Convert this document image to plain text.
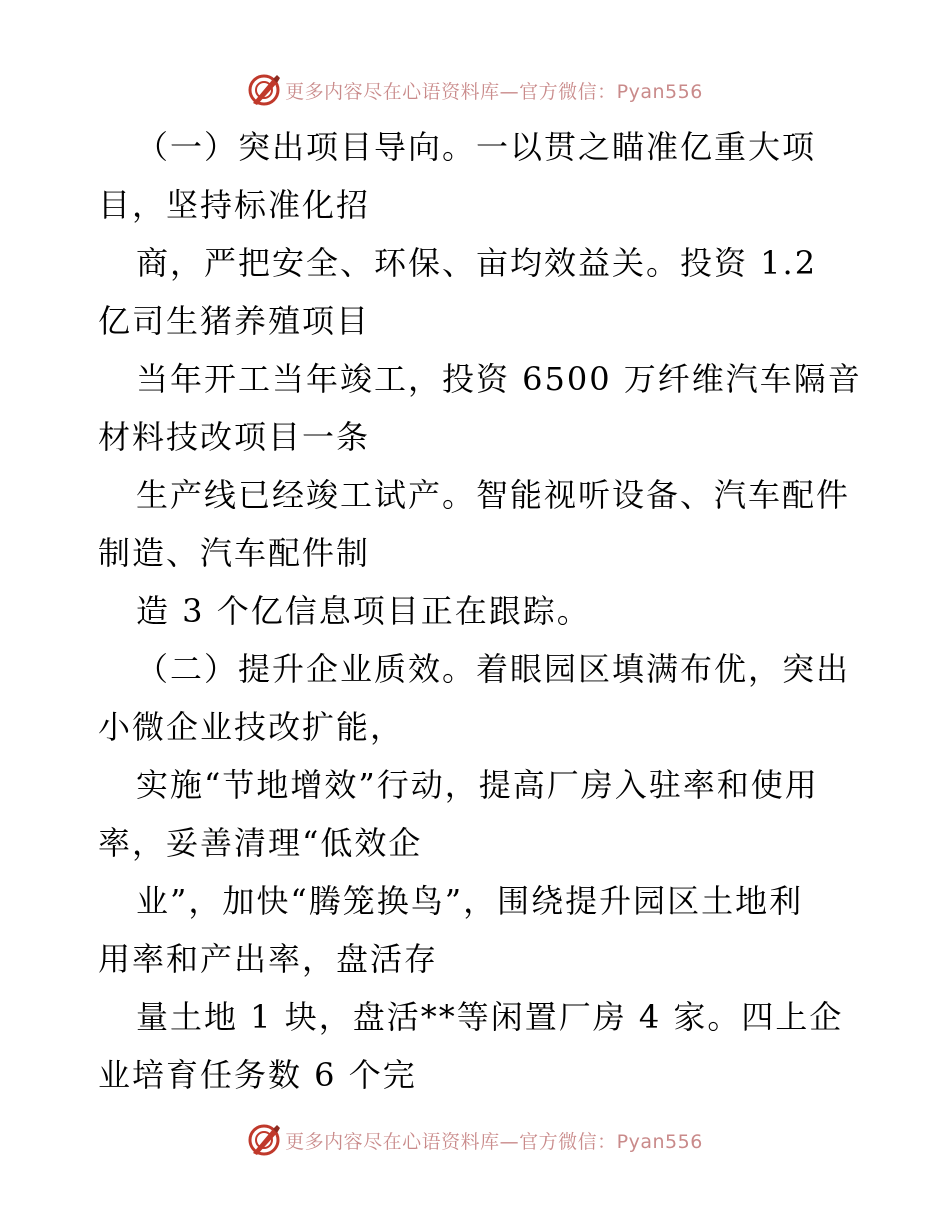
更多内容尽在心语资料库—官方微信：Pyan556

（一）突出项目导向。一以贯之瞄准亿重大项
目，坚持标准化招

商，严把安全、环保、亩均效益关。投资 1.2
亿司生猪养殖项目

当年开工当年竣工，投资 6500 万纤维汽车隔音
材料技改项目一条

生产线已经竣工试产。智能视听设备、汽车配件
制造、汽车配件制

造 3 个亿信息项目正在跟踪。

（二）提升企业质效。着眼园区填满布优，突出
小微企业技改扩能，

实施“节地增效”行动，提高厂房入驻率和使用
率，妥善清理“低效企

业”，加快“腾笼换鸟”，围绕提升园区土地利
用率和产出率，盘活存

量土地 1 块，盘活**等闲置厂房 4 家。四上企
业培育任务数 6 个完

更多内容尽在心语资料库—官方微信：Pyan556
